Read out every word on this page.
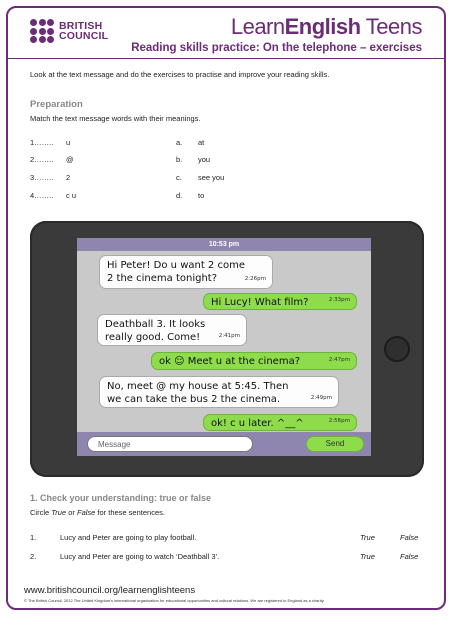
BRITISH
COUNCIL	LearnEnglish Teens
Reading skills practice: On the telephone – exercises
Look at the text message and do the exercises to practise and improve your reading skills.
Preparation
Match the text message words with their meanings.
1…….. u	a. at
2…….. @	b. you
3…….. 2	c. see you
4…….. c u	d. to
10:53 pm
Hi Peter! Do u want 2 come
2 the cinema tonight?	2:26pm
Hi Lucy! What film?	2:33pm
Deathball 3. It looks
really good. Come!	2:41pm
ok ☺ Meet u at the cinema?	2:47pm
No, meet @ my house at 5:45. Then
we can take the bus 2 the cinema.	2:49pm
ok! c u later. ^__^	2:56pm
Message	Send
1. Check your understanding: true or false
Circle True or False for these sentences.
1.	Lucy and Peter are going to play football.	True	False
2.	Lucy and Peter are going to watch ‘Deathball 3’.	True	False
www.britishcouncil.org/learnenglishteens
© The British Council, 2012 The United Kingdom’s international organisation for educational opportunities and cultural relations. We are registered in England as a charity.
